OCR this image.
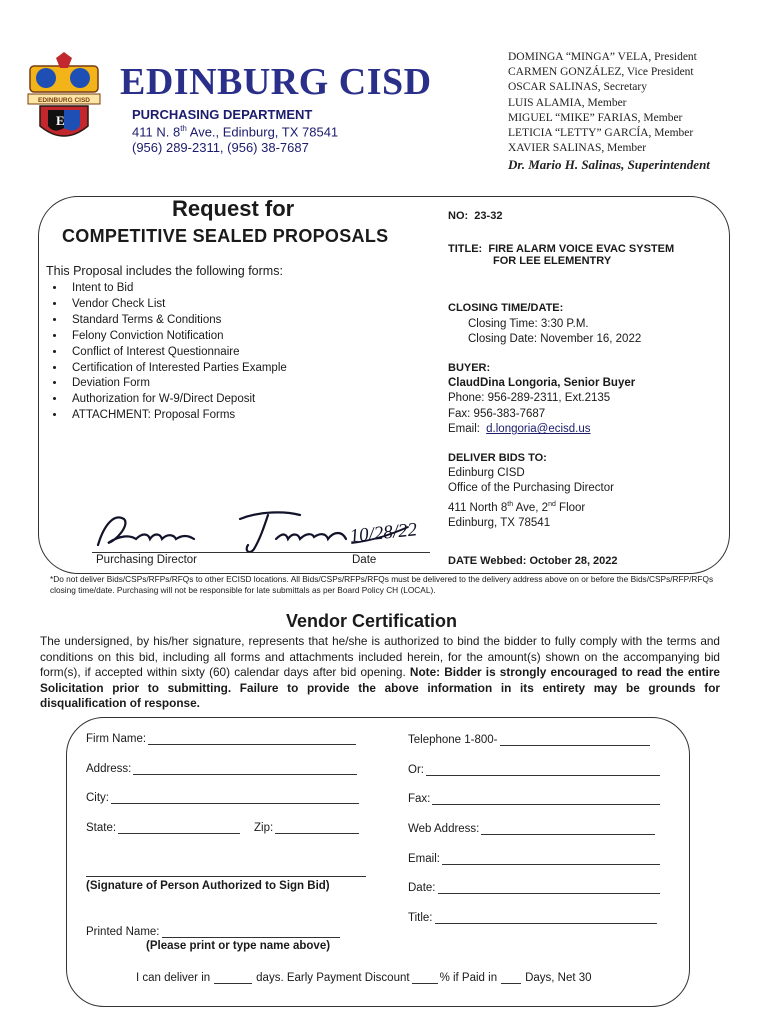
EDINBURG CISD
E
EDINBURG CISD
PURCHASING DEPARTMENT
411 N. 8th Ave., Edinburg, TX 78541
(956) 289-2311, (956) 38-7687
DOMINGA “MINGA” VELA, President
CARMEN GONZÁLEZ, Vice President
OSCAR SALINAS, Secretary
LUIS ALAMIA, Member
MIGUEL “MIKE” FARIAS, Member
LETICIA “LETTY” GARCÍA, Member
XAVIER SALINAS, Member
Dr. Mario H. Salinas, Superintendent
Request for
COMPETITIVE SEALED PROPOSALS
This Proposal includes the following forms:
• Intent to Bid
• Vendor Check List
• Standard Terms & Conditions
• Felony Conviction Notification
• Conflict of Interest Questionnaire
• Certification of Interested Parties Example
• Deviation Form
• Authorization for W-9/Direct Deposit
• ATTACHMENT: Proposal Forms
10/28/22
Purchasing Director	Date
NO: 23-32
TITLE: FIRE ALARM VOICE EVAC SYSTEM
FOR LEE ELEMENTRY
CLOSING TIME/DATE:
Closing Time: 3:30 P.M.
Closing Date: November 16, 2022
BUYER:
ClaudDina Longoria, Senior Buyer
Phone: 956-289-2311, Ext.2135
Fax: 956-383-7687
Email: d.longoria@ecisd.us
DELIVER BIDS TO:
Edinburg CISD
Office of the Purchasing Director
411 North 8th Ave, 2nd Floor
Edinburg, TX 78541
DATE Webbed: October 28, 2022
*Do not deliver Bids/CSPs/RFPs/RFQs to other ECISD locations. All Bids/CSPs/RFPs/RFQs must be delivered to the delivery address above on or before the Bids/CSPs/RFP/RFQs closing time/date. Purchasing will not be responsible for late submittals as per Board Policy CH (LOCAL).
Vendor Certification
The undersigned, by his/her signature, represents that he/she is authorized to bind the bidder to fully comply with the terms and conditions on this bid, including all forms and attachments included herein, for the amount(s) shown on the accompanying bid form(s), if accepted within sixty (60) calendar days after bid opening. Note: Bidder is strongly encouraged to read the entire Solicitation prior to submitting. Failure to provide the above information in its entirety may be grounds for disqualification of response.
Firm Name:
Address:
City:
State:	Zip:
(Signature of Person Authorized to Sign Bid)
Printed Name:
(Please print or type name above)
Telephone 1-800-
Or:
Fax:
Web Address:
Email:
Date:
Title:
I can deliver in	days. Early Payment Discount	% if Paid in Days, Net 30
